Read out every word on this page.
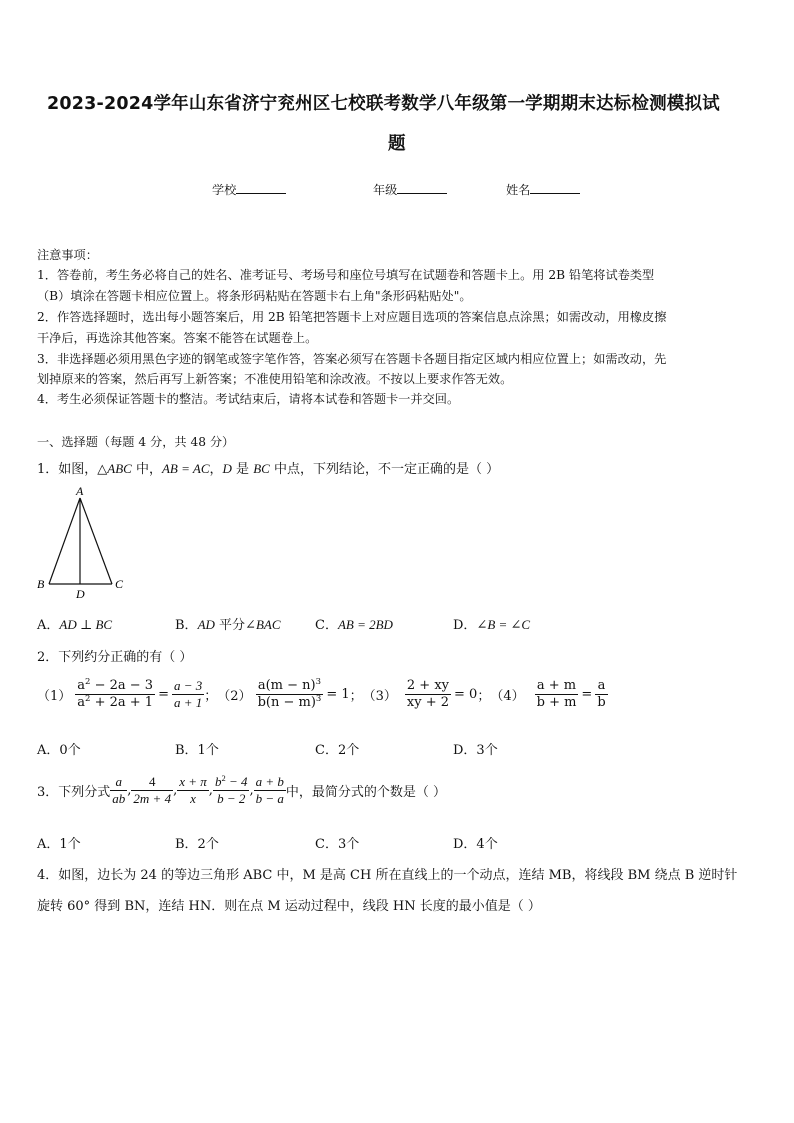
2023-2024学年山东省济宁兖州区七校联考数学八年级第一学期期末达标检测模拟试
题
学校	年级	姓名
注意事项：
1．答卷前，考生务必将自己的姓名、准考证号、考场号和座位号填写在试题卷和答题卡上。用 2B 铅笔将试卷类型
（B）填涂在答题卡相应位置上。将条形码粘贴在答题卡右上角"条形码粘贴处"。
2．作答选择题时，选出每小题答案后，用 2B 铅笔把答题卡上对应题目选项的答案信息点涂黑；如需改动，用橡皮擦
干净后，再选涂其他答案。答案不能答在试题卷上。
3．非选择题必须用黑色字迹的钢笔或签字笔作答，答案必须写在答题卡各题目指定区域内相应位置上；如需改动，先
划掉原来的答案，然后再写上新答案；不准使用铅笔和涂改液。不按以上要求作答无效。
4．考生必须保证答题卡的整洁。考试结束后，请将本试卷和答题卡一并交回。
一、选择题（每题 4 分，共 48 分）
1．如图，△ABC 中，AB = AC，D 是 BC 中点，下列结论，不一定正确的是（ ）
A
B	C
D
A．AD ⊥ BC	B．AD 平分∠BAC	C．AB = 2BD	D．∠B = ∠C
2．下列约分正确的有（ ）
$(1) \frac{a^2 - 2a - 3}{a^2 + 2a + 1} = \frac{a - 3}{a + 1}$ ； $(2) \frac{a(m - n)^3}{b(n - m)^3} = 1$ ； $(3) \frac{2 + xy}{xy + 2} = 0$ ； $(4) \frac{a + m}{b + m} = \frac{a}{b}$
A．0个	B．1个	C．2个	D．3个
3．下列分式 $\frac{a}{ab}$ , $\frac{4}{2m + 4}$ , $\frac{x + \pi}{x}$ , $\frac{b^2 - 4}{b - 2}$ , $\frac{a + b}{b - a}$ 中，最简分式的个数是（ ）
A．1个	B．2个	C．3个	D．4个
4．如图，边长为 24 的等边三角形 ABC 中，M 是高 CH 所在直线上的一个动点，连结 MB，将线段 BM 绕点 B 逆时针
旋转 60° 得到 BN，连结 HN．则在点 M 运动过程中，线段 HN 长度的最小值是（ ）
